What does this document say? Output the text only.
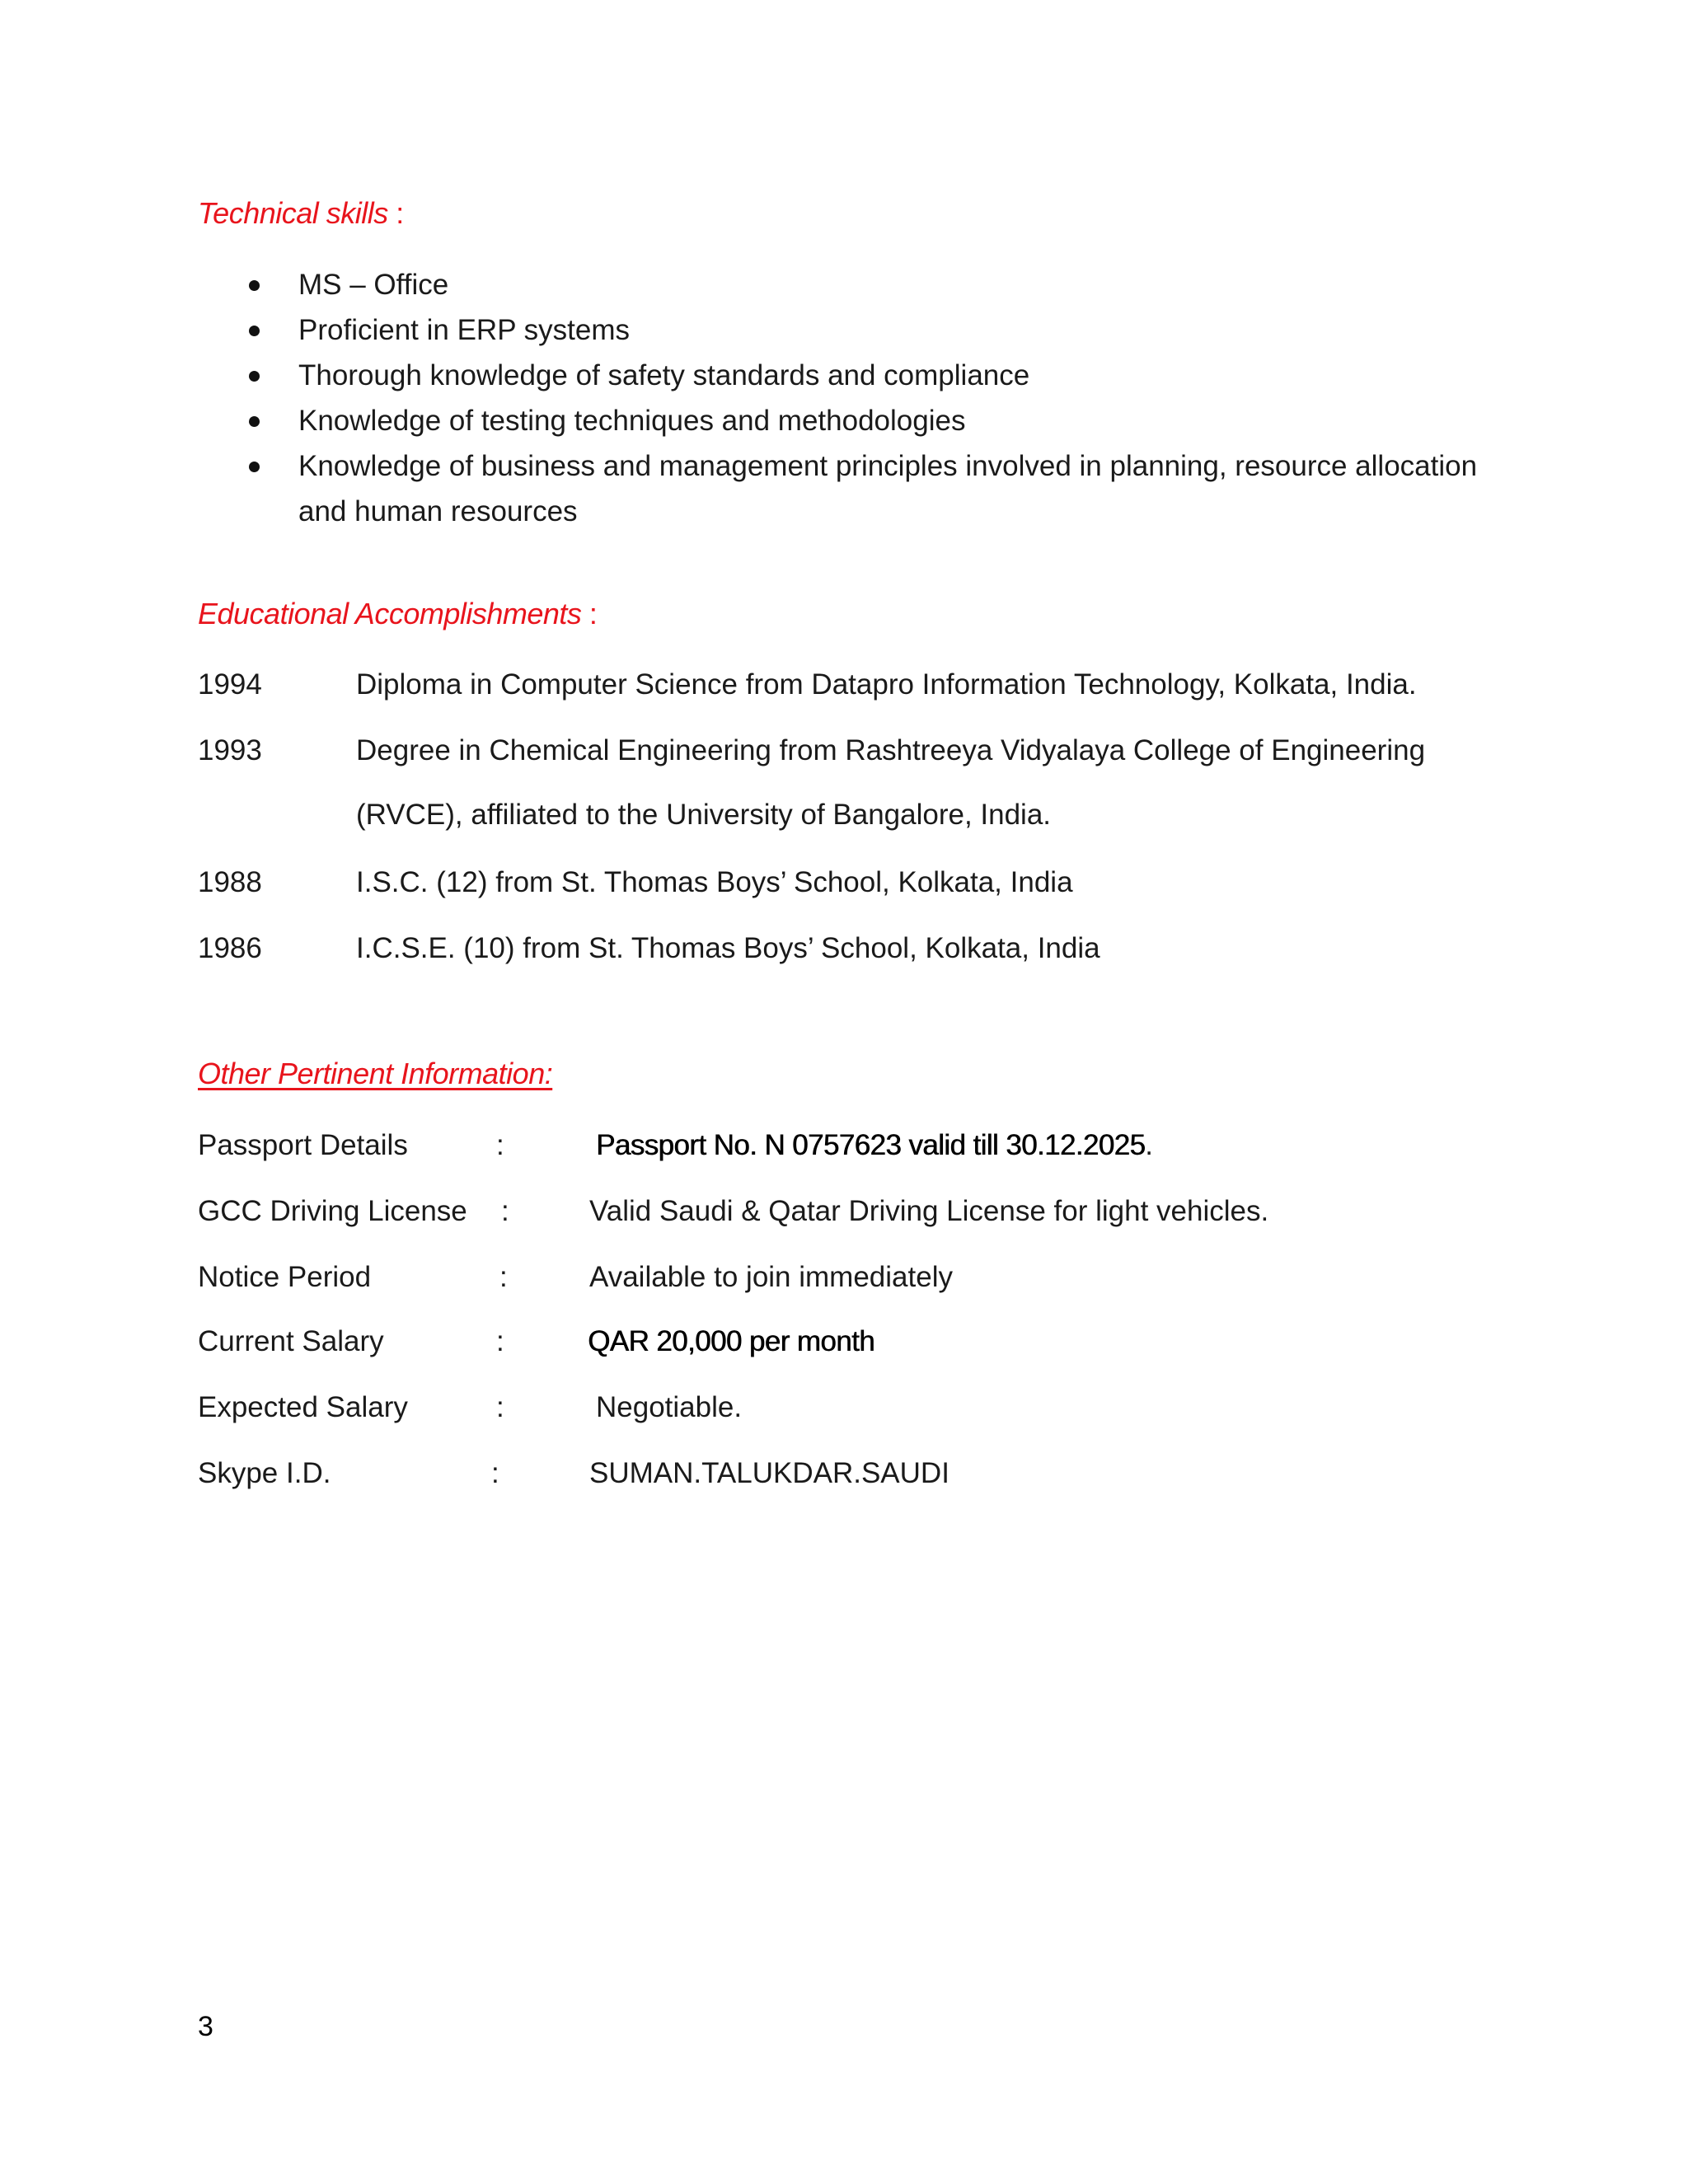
Technical skills :
MS – Office
Proficient in ERP systems
Thorough knowledge of safety standards and compliance
Knowledge of testing techniques and methodologies
Knowledge of business and management principles involved in planning, resource allocation and human resources
Educational Accomplishments :
1994	Diploma in Computer Science from Datapro Information Technology, Kolkata, India.
1993	Degree in Chemical Engineering from Rashtreeya Vidyalaya College of Engineering (RVCE), affiliated to the University of Bangalore, India.
1988	I.S.C. (12) from St. Thomas Boys’ School, Kolkata, India
1986	I.C.S.E. (10) from St. Thomas Boys’ School, Kolkata, India
Other Pertinent Information:
Passport Details	:	Passport No. N 0757623 valid till 30.12.2025.
GCC Driving License :	Valid Saudi & Qatar Driving License for light vehicles.
Notice Period	:	Available to join immediately
Current Salary	:	QAR 20,000 per month
Expected Salary	:	Negotiable.
Skype I.D.	:	SUMAN.TALUKDAR.SAUDI
3
